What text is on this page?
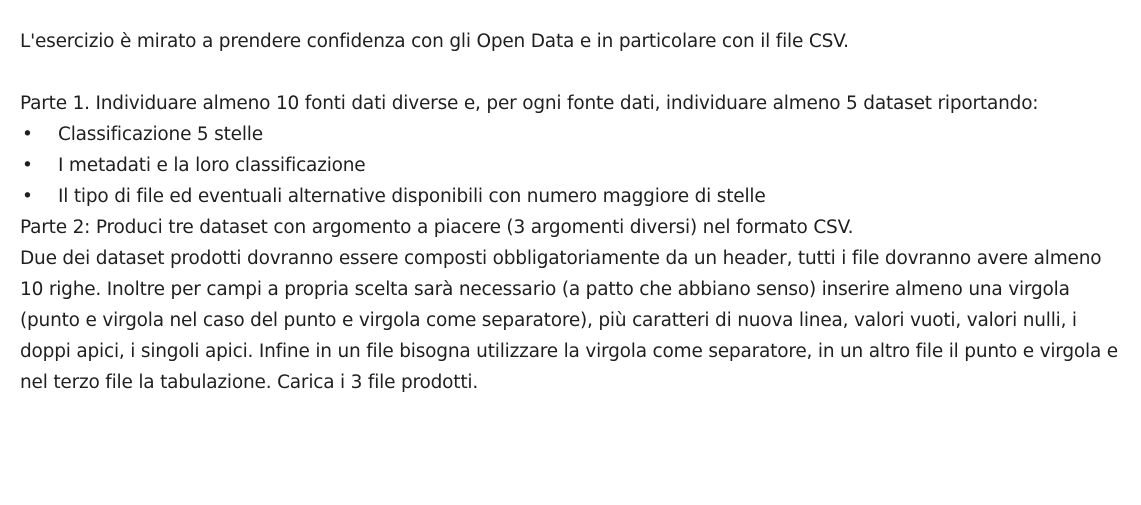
L'esercizio è mirato a prendere confidenza con gli Open Data e in particolare con il file CSV.

Parte 1. Individuare almeno 10 fonti dati diverse e, per ogni fonte dati, individuare almeno 5 dataset riportando:

• Classificazione 5 stelle
• I metadati e la loro classificazione
• Il tipo di file ed eventuali alternative disponibili con numero maggiore di stelle

Parte 2: Produci tre dataset con argomento a piacere (3 argomenti diversi) nel formato CSV.

Due dei dataset prodotti dovranno essere composti obbligatoriamente da un header, tutti i file dovranno avere almeno 10 righe. Inoltre per campi a propria scelta sarà necessario (a patto che abbiano senso) inserire almeno una virgola (punto e virgola nel caso del punto e virgola come separatore), più caratteri di nuova linea, valori vuoti, valori nulli, i doppi apici, i singoli apici. Infine in un file bisogna utilizzare la virgola come separatore, in un altro file il punto e virgola e nel terzo file la tabulazione. Carica i 3 file prodotti.
